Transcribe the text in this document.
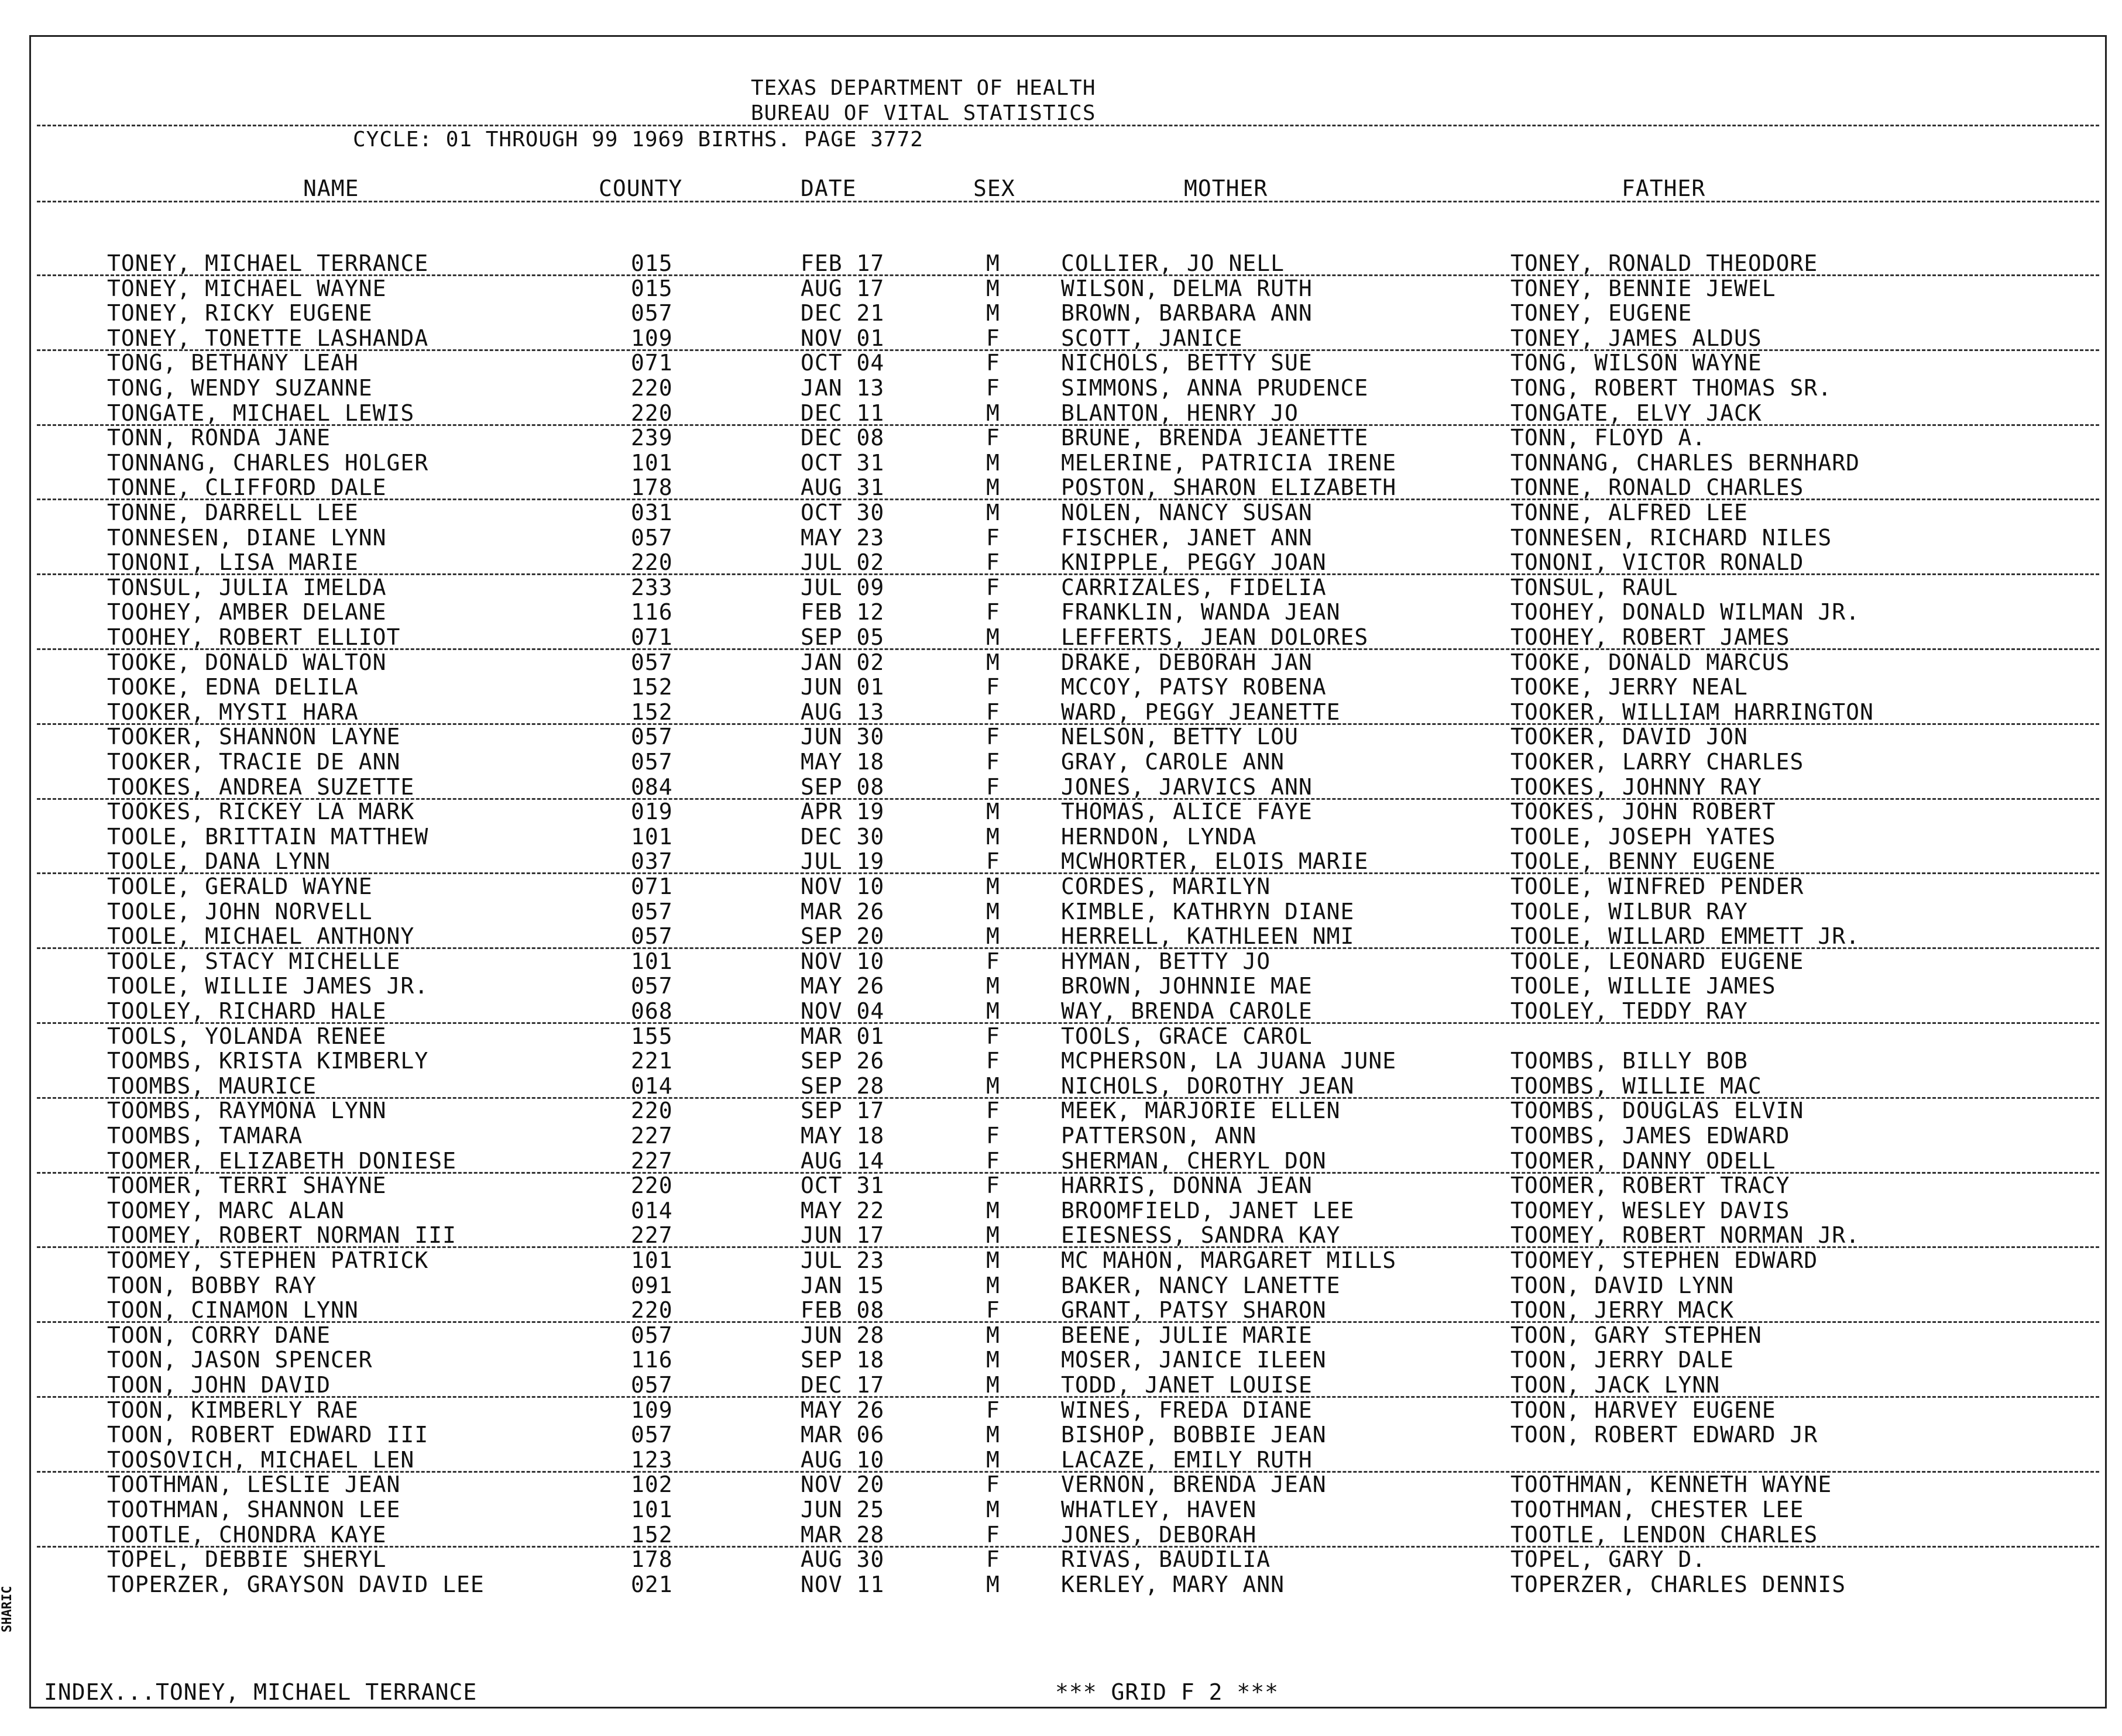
TEXAS DEPARTMENT OF HEALTH
BUREAU OF VITAL STATISTICS
CYCLE: 01 THROUGH 99 1969 BIRTHS. PAGE 3772
NAME	COUNTY	DATE	SEX	MOTHER	FATHER
TONEY, MICHAEL TERRANCE	015	FEB 17	M	COLLIER, JO NELL	TONEY, RONALD THEODORE
TONEY, MICHAEL WAYNE	015	AUG 17	M	WILSON, DELMA RUTH	TONEY, BENNIE JEWEL
TONEY, RICKY EUGENE	057	DEC 21	M	BROWN, BARBARA ANN	TONEY, EUGENE
TONEY, TONETTE LASHANDA	109	NOV 01	F	SCOTT, JANICE	TONEY, JAMES ALDUS
TONG, BETHANY LEAH	071	OCT 04	F	NICHOLS, BETTY SUE	TONG, WILSON WAYNE
TONG, WENDY SUZANNE	220	JAN 13	F	SIMMONS, ANNA PRUDENCE	TONG, ROBERT THOMAS SR.
TONGATE, MICHAEL LEWIS	220	DEC 11	M	BLANTON, HENRY JO	TONGATE, ELVY JACK
TONN, RONDA JANE	239	DEC 08	F	BRUNE, BRENDA JEANETTE	TONN, FLOYD A.
TONNANG, CHARLES HOLGER	101	OCT 31	M	MELERINE, PATRICIA IRENE	TONNANG, CHARLES BERNHARD
TONNE, CLIFFORD DALE	178	AUG 31	M	POSTON, SHARON ELIZABETH	TONNE, RONALD CHARLES
TONNE, DARRELL LEE	031	OCT 30	M	NOLEN, NANCY SUSAN	TONNE, ALFRED LEE
TONNESEN, DIANE LYNN	057	MAY 23	F	FISCHER, JANET ANN	TONNESEN, RICHARD NILES
TONONI, LISA MARIE	220	JUL 02	F	KNIPPLE, PEGGY JOAN	TONONI, VICTOR RONALD
TONSUL, JULIA IMELDA	233	JUL 09	F	CARRIZALES, FIDELIA	TONSUL, RAUL
TOOHEY, AMBER DELANE	116	FEB 12	F	FRANKLIN, WANDA JEAN	TOOHEY, DONALD WILMAN JR.
TOOHEY, ROBERT ELLIOT	071	SEP 05	M	LEFFERTS, JEAN DOLORES	TOOHEY, ROBERT JAMES
TOOKE, DONALD WALTON	057	JAN 02	M	DRAKE, DEBORAH JAN	TOOKE, DONALD MARCUS
TOOKE, EDNA DELILA	152	JUN 01	F	MCCOY, PATSY ROBENA	TOOKE, JERRY NEAL
TOOKER, MYSTI HARA	152	AUG 13	F	WARD, PEGGY JEANETTE	TOOKER, WILLIAM HARRINGTON
TOOKER, SHANNON LAYNE	057	JUN 30	F	NELSON, BETTY LOU	TOOKER, DAVID JON
TOOKER, TRACIE DE ANN	057	MAY 18	F	GRAY, CAROLE ANN	TOOKER, LARRY CHARLES
TOOKES, ANDREA SUZETTE	084	SEP 08	F	JONES, JARVICS ANN	TOOKES, JOHNNY RAY
TOOKES, RICKEY LA MARK	019	APR 19	M	THOMAS, ALICE FAYE	TOOKES, JOHN ROBERT
TOOLE, BRITTAIN MATTHEW	101	DEC 30	M	HERNDON, LYNDA	TOOLE, JOSEPH YATES
TOOLE, DANA LYNN	037	JUL 19	F	MCWHORTER, ELOIS MARIE	TOOLE, BENNY EUGENE
TOOLE, GERALD WAYNE	071	NOV 10	M	CORDES, MARILYN	TOOLE, WINFRED PENDER
TOOLE, JOHN NORVELL	057	MAR 26	M	KIMBLE, KATHRYN DIANE	TOOLE, WILBUR RAY
TOOLE, MICHAEL ANTHONY	057	SEP 20	M	HERRELL, KATHLEEN NMI	TOOLE, WILLARD EMMETT JR.
TOOLE, STACY MICHELLE	101	NOV 10	F	HYMAN, BETTY JO	TOOLE, LEONARD EUGENE
TOOLE, WILLIE JAMES JR.	057	MAY 26	M	BROWN, JOHNNIE MAE	TOOLE, WILLIE JAMES
TOOLEY, RICHARD HALE	068	NOV 04	M	WAY, BRENDA CAROLE	TOOLEY, TEDDY RAY
TOOLS, YOLANDA RENEE	155	MAR 01	F	TOOLS, GRACE CAROL
TOOMBS, KRISTA KIMBERLY	221	SEP 26	F	MCPHERSON, LA JUANA JUNE	TOOMBS, BILLY BOB
TOOMBS, MAURICE	014	SEP 28	M	NICHOLS, DOROTHY JEAN	TOOMBS, WILLIE MAC
TOOMBS, RAYMONA LYNN	220	SEP 17	F	MEEK, MARJORIE ELLEN	TOOMBS, DOUGLAS ELVIN
TOOMBS, TAMARA	227	MAY 18	F	PATTERSON, ANN	TOOMBS, JAMES EDWARD
TOOMER, ELIZABETH DONIESE	227	AUG 14	F	SHERMAN, CHERYL DON	TOOMER, DANNY ODELL
TOOMER, TERRI SHAYNE	220	OCT 31	F	HARRIS, DONNA JEAN	TOOMER, ROBERT TRACY
TOOMEY, MARC ALAN	014	MAY 22	M	BROOMFIELD, JANET LEE	TOOMEY, WESLEY DAVIS
TOOMEY, ROBERT NORMAN III	227	JUN 17	M	EIESNESS, SANDRA KAY	TOOMEY, ROBERT NORMAN JR.
TOOMEY, STEPHEN PATRICK	101	JUL 23	M	MC MAHON, MARGARET MILLS	TOOMEY, STEPHEN EDWARD
TOON, BOBBY RAY	091	JAN 15	M	BAKER, NANCY LANETTE	TOON, DAVID LYNN
TOON, CINAMON LYNN	220	FEB 08	F	GRANT, PATSY SHARON	TOON, JERRY MACK
TOON, CORRY DANE	057	JUN 28	M	BEENE, JULIE MARIE	TOON, GARY STEPHEN
TOON, JASON SPENCER	116	SEP 18	M	MOSER, JANICE ILEEN	TOON, JERRY DALE
TOON, JOHN DAVID	057	DEC 17	M	TODD, JANET LOUISE	TOON, JACK LYNN
TOON, KIMBERLY RAE	109	MAY 26	F	WINES, FREDA DIANE	TOON, HARVEY EUGENE
TOON, ROBERT EDWARD III	057	MAR 06	M	BISHOP, BOBBIE JEAN	TOON, ROBERT EDWARD JR
TOOSOVICH, MICHAEL LEN	123	AUG 10	M	LACAZE, EMILY RUTH
TOOTHMAN, LESLIE JEAN	102	NOV 20	F	VERNON, BRENDA JEAN	TOOTHMAN, KENNETH WAYNE
TOOTHMAN, SHANNON LEE	101	JUN 25	M	WHATLEY, HAVEN	TOOTHMAN, CHESTER LEE
TOOTLE, CHONDRA KAYE	152	MAR 28	F	JONES, DEBORAH	TOOTLE, LENDON CHARLES
TOPEL, DEBBIE SHERYL	178	AUG 30	F	RIVAS, BAUDILIA	TOPEL, GARY D.
TOPERZER, GRAYSON DAVID LEE	021	NOV 11	M	KERLEY, MARY ANN	TOPERZER, CHARLES DENNIS
INDEX...TONEY, MICHAEL TERRANCE	*** GRID F 2 ***
SHARIC
